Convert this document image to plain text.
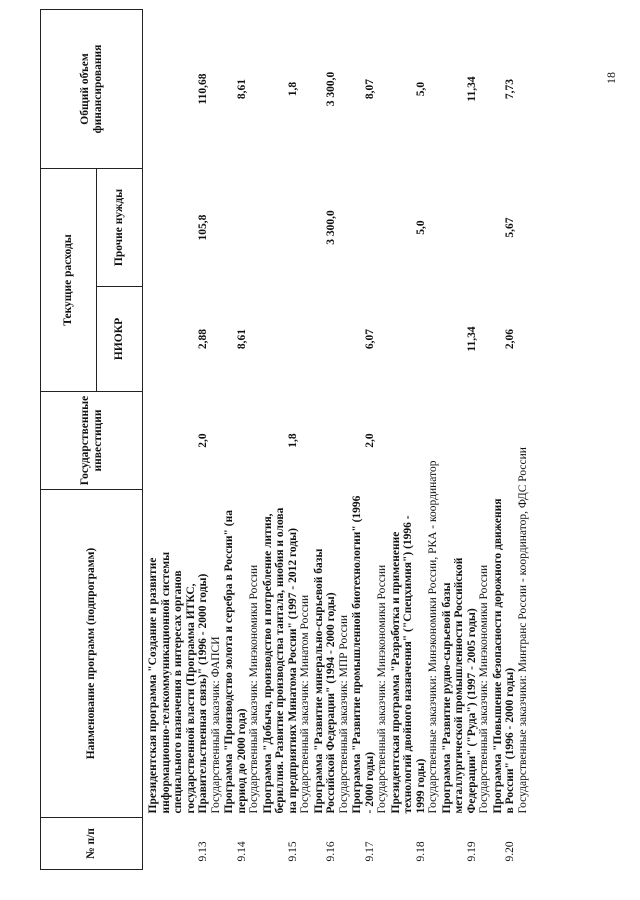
18
№ п/п	Наименование программ (подпрограмм)	Государственные инвестиции	Текущие расходы		Общий объем финансирования
			НИОКР	Прочие нужды	
9.13	Президентская программа "Создание и развитие информационно-телекоммуникационной системы специального назначения в интересах органов государственной власти (Программа ИТКС, Правительственная связь)" (1996 - 2000 годы)	2,0	2,88	105,8	110,68
	Государственный заказчик: ФАПСИ				
9.14	Программа "Производство золота и серебра в России" (на период до 2000 года)		8,61		8,61
	Государственный заказчик: Минэкономики России				
9.15	Программа "Добыча, производство и потребление лития, бериллия. Развитие производства тантала, ниобия и олова на предприятиях Минатома России" (1997 - 2012 годы)	1,8			1,8
	Государственный заказчик: Минатом России				
9.16	Программа "Развитие минерально-сырьевой базы Российской Федерации" (1994 - 2000 годы)			3 300,0	3 300,0
	Государственный заказчик: МПР России				
9.17	Программа "Развитие промышленной биотехнологии" (1996 - 2000 годы)	2,0	6,07		8,07
	Государственный заказчик: Минэкономики России				
9.18	Президентская программа "Разработка и применение технологий двойного назначения" ("Спецхимия") (1996 - 1999 годы)			5,0	5,0
	Государственные заказчики: Минэкономики России, РКА - координатор				
9.19	Программа "Развитие рудно-сырьевой базы металлургической промышленности Российской Федерации" ("Руда") (1997 - 2005 годы)		11,34		11,34
	Государственный заказчик: Минэкономики России				
9.20	Программа "Повышение безопасности дорожного движения в России" (1996 - 2000 годы)		2,06	5,67	7,73
	Государственные заказчики: Минтранс России - координатор, ФДС России				
